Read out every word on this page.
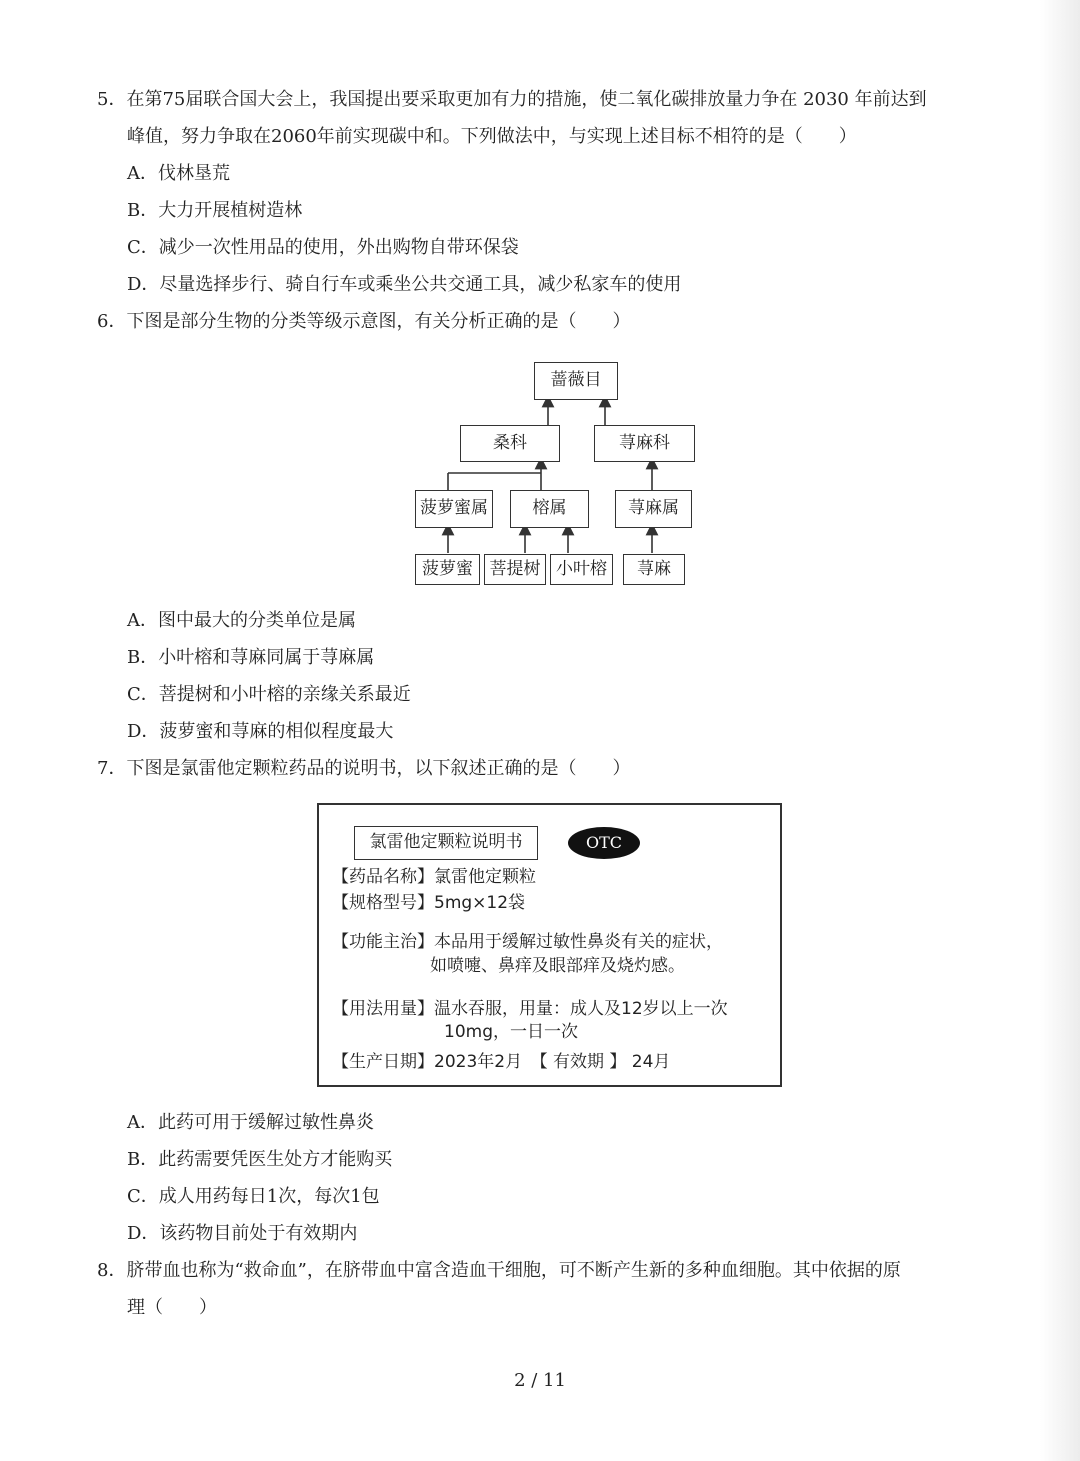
5．在第75届联合国大会上，我国提出要采取更加有力的措施，使二氧化碳排放量力争在 2030 年前达到
峰值，努力争取在2060年前实现碳中和。下列做法中，与实现上述目标不相符的是（　　）
A．伐林垦荒
B．大力开展植树造林
C．减少一次性用品的使用，外出购物自带环保袋
D．尽量选择步行、骑自行车或乘坐公共交通工具，减少私家车的使用
6．下图是部分生物的分类等级示意图，有关分析正确的是（　　）
蔷薇目
桑科	荨麻科
菠萝蜜属	榕属	荨麻属
菠萝蜜 菩提树 小叶榕	荨麻
A．图中最大的分类单位是属
B．小叶榕和荨麻同属于荨麻属
C．菩提树和小叶榕的亲缘关系最近
D．菠萝蜜和荨麻的相似程度最大
7．下图是氯雷他定颗粒药品的说明书，以下叙述正确的是（　　）
氯雷他定颗粒说明书	OTC
【药品名称】氯雷他定颗粒
【规格型号】5mg×12袋
【功能主治】本品用于缓解过敏性鼻炎有关的症状，
如喷嚏、鼻痒及眼部痒及烧灼感。
【用法用量】温水吞服，用量：成人及12岁以上一次
10mg，一日一次
【生产日期】2023年2月　【 有效期 】 24月
A．此药可用于缓解过敏性鼻炎
B．此药需要凭医生处方才能购买
C．成人用药每日1次，每次1包
D．该药物目前处于有效期内
8．脐带血也称为“救命血”，在脐带血中富含造血干细胞，可不断产生新的多种血细胞。其中依据的原
理（　　）
2 / 11
